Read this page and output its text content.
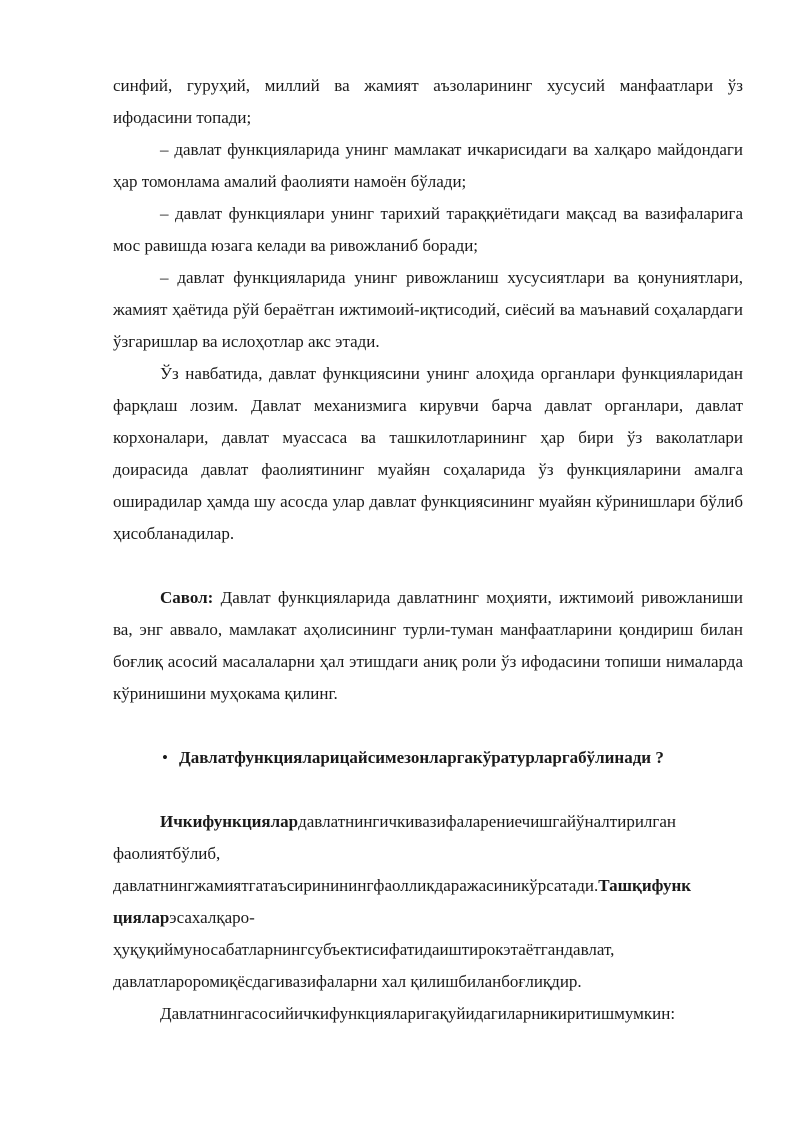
синфий, гуруҳий, миллий ва жамият аъзоларининг хусусий манфаатлари ўз ифодасини топади;

– давлат функцияларида унинг мамлакат ичкарисидаги ва халқаро майдондаги ҳар томонлама амалий фаолияти намоён бўлади;

– давлат функциялари унинг тарихий тараққиётидаги мақсад ва вазифаларига мос равишда юзага келади ва ривожланиб боради;

– давлат функцияларида унинг ривожланиш хусусиятлари ва қонуниятлари, жамият ҳаётида рўй бераётган ижтимоий-иқтисодий, сиёсий ва маънавий соҳалардаги ўзгаришлар ва ислоҳотлар акс этади.

Ўз навбатида, давлат функциясини унинг алоҳида органлари функцияларидан фарқлаш лозим. Давлат механизмига кирувчи барча давлат органлари, давлат корхоналари, давлат муассаса ва ташкилотларининг ҳар бири ўз ваколатлари доирасида давлат фаолиятининг муайян соҳаларида ўз функцияларини амалга оширадилар ҳамда шу асосда улар давлат функциясининг муайян кўринишлари бўлиб ҳисобланадилар.

Савол: Давлат функцияларида давлатнинг моҳияти, ижтимоий ривожланиши ва, энг аввало, мамлакат аҳолисининг турли-туман манфаатларини қондириш билан боғлиқ асосий масалаларни ҳал этишдаги аниқ роли ўз ифодасини топиши нималарда кўринишини муҳокама қилинг.

• Давлатфункцияларицайсимезонларгакўратурларгабўлинади ?

Ичкифункциялардавлатнингичкивазифаларениечишгайўналтирилган

фаолиятбўлиб,

давлатнингжамиятгатаъсирининингфаолликдаражасиникўрсатади.Ташқифунк

цияларэсахалқаро-

ҳуқуқиймуносабатларнингсубъектисифатидаиштирокэтаётгандавлат,

давлатлароромиқёсдагивазифаларни хал қилишбиланбоғлиқдир.

Давлатнингасосийичкифункцияларигақуйидагиларникиритишмумкин:
